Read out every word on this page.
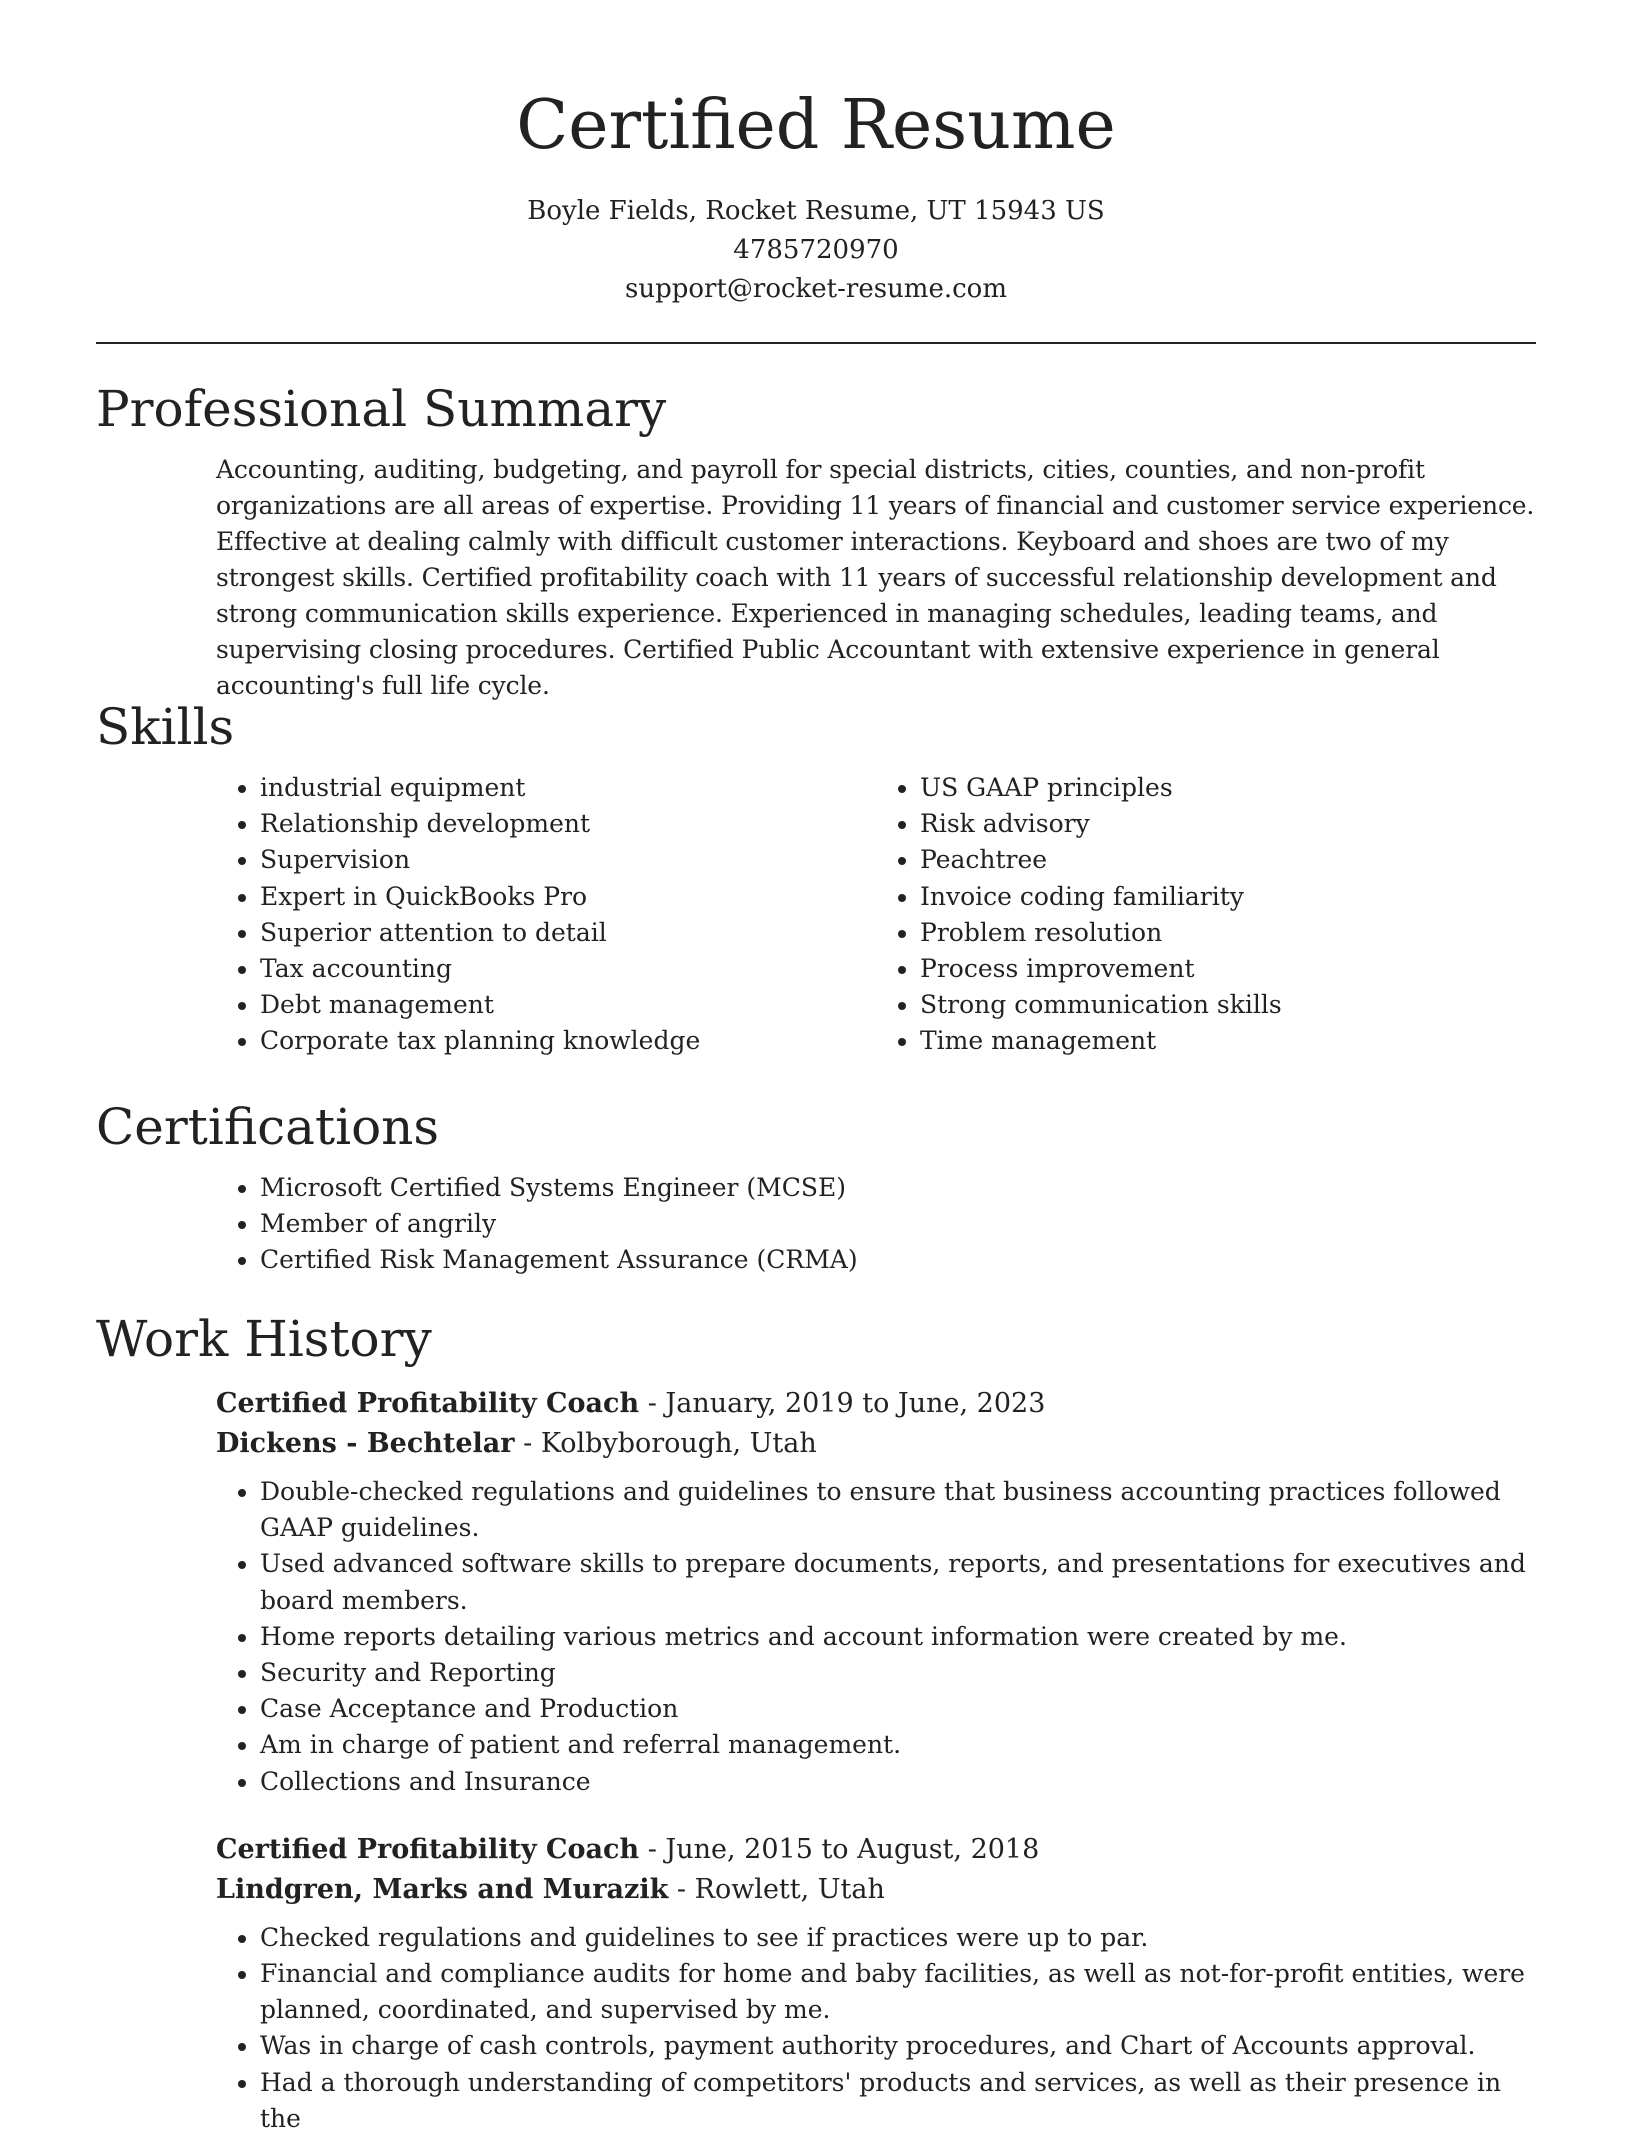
Certified Resume
Boyle Fields, Rocket Resume, UT 15943 US
4785720970
support@rocket-resume.com
Professional Summary

Accounting, auditing, budgeting, and payroll for special districts, cities, counties, and non-profit organizations are all areas of expertise. Providing 11 years of financial and customer service experience. Effective at dealing calmly with difficult customer interactions. Keyboard and shoes are two of my strongest skills. Certified profitability coach with 11 years of successful relationship development and strong communication skills experience. Experienced in managing schedules, leading teams, and supervising closing procedures. Certified Public Accountant with extensive experience in general accounting's full life cycle.

Skills
• industrial equipment
• Relationship development
• Supervision
• Expert in QuickBooks Pro
• Superior attention to detail
• Tax accounting
• Debt management
• Corporate tax planning knowledge
• US GAAP principles
• Risk advisory
• Peachtree
• Invoice coding familiarity
• Problem resolution
• Process improvement
• Strong communication skills
• Time management
Certifications
• Microsoft Certified Systems Engineer (MCSE)
• Member of angrily
• Certified Risk Management Assurance (CRMA)
Work History

Certified Profitability Coach - January, 2019 to June, 2023

Dickens - Bechtelar - Kolbyborough, Utah

• Double-checked regulations and guidelines to ensure that business accounting practices followed GAAP guidelines.
• Used advanced software skills to prepare documents, reports, and presentations for executives and board members.
• Home reports detailing various metrics and account information were created by me.
• Security and Reporting
• Case Acceptance and Production
• Am in charge of patient and referral management.
• Collections and Insurance

Certified Profitability Coach - June, 2015 to August, 2018

Lindgren, Marks and Murazik - Rowlett, Utah

• Checked regulations and guidelines to see if practices were up to par.
• Financial and compliance audits for home and baby facilities, as well as not-for-profit entities, were planned, coordinated, and supervised by me.
• Was in charge of cash controls, payment authority procedures, and Chart of Accounts approval.
• Had a thorough understanding of competitors' products and services, as well as their presence in the
